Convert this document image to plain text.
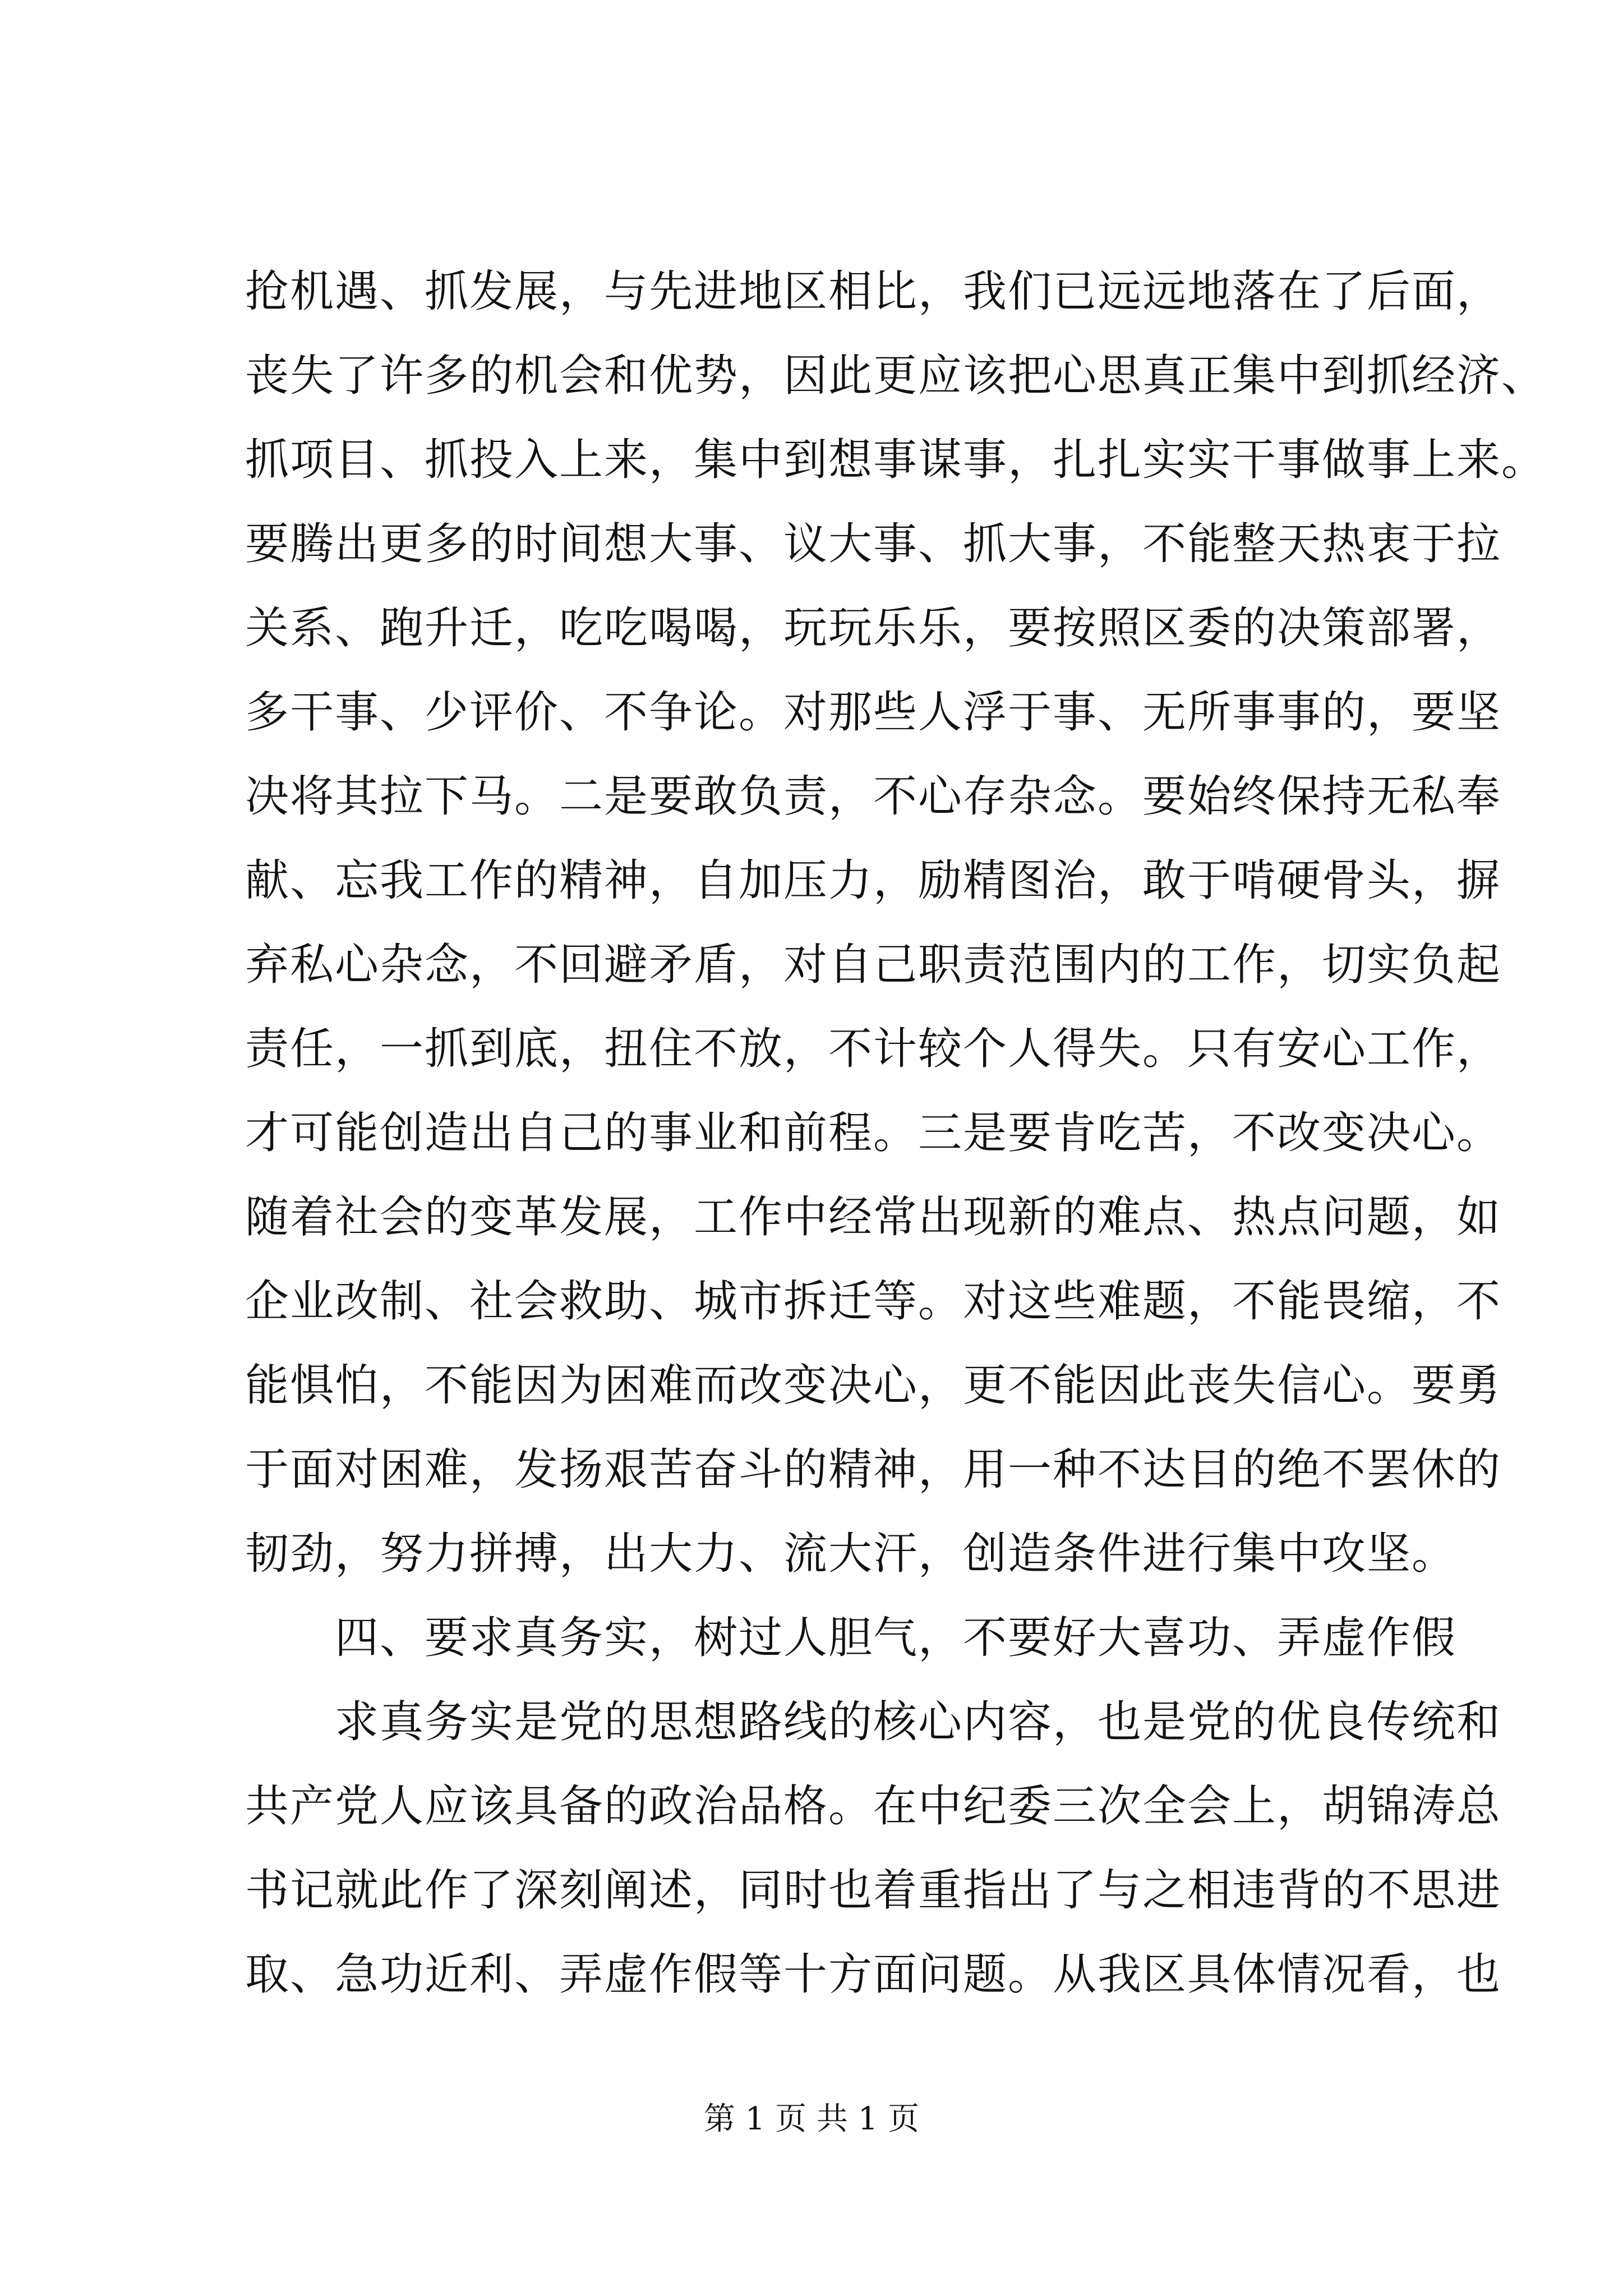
抢机遇、抓发展，与先进地区相比，我们已远远地落在了后面，
丧失了许多的机会和优势，因此更应该把心思真正集中到抓经济、
抓项目、抓投入上来，集中到想事谋事，扎扎实实干事做事上来。
要腾出更多的时间想大事、议大事、抓大事，不能整天热衷于拉
关系、跑升迁，吃吃喝喝，玩玩乐乐，要按照区委的决策部署，
多干事、少评价、不争论。对那些人浮于事、无所事事的，要坚
决将其拉下马。二是要敢负责，不心存杂念。要始终保持无私奉
献、忘我工作的精神，自加压力，励精图治，敢于啃硬骨头，摒
弃私心杂念，不回避矛盾，对自己职责范围内的工作，切实负起
责任，一抓到底，扭住不放，不计较个人得失。只有安心工作，
才可能创造出自己的事业和前程。三是要肯吃苦，不改变决心。
随着社会的变革发展，工作中经常出现新的难点、热点问题，如
企业改制、社会救助、城市拆迁等。对这些难题，不能畏缩，不
能惧怕，不能因为困难而改变决心，更不能因此丧失信心。要勇
于面对困难，发扬艰苦奋斗的精神，用一种不达目的绝不罢休的
韧劲，努力拼搏，出大力、流大汗，创造条件进行集中攻坚。
四、要求真务实，树过人胆气，不要好大喜功、弄虚作假
求真务实是党的思想路线的核心内容，也是党的优良传统和
共产党人应该具备的政治品格。在中纪委三次全会上，胡锦涛总
书记就此作了深刻阐述，同时也着重指出了与之相违背的不思进
取、急功近利、弄虚作假等十方面问题。从我区具体情况看，也
第 1 页 共 1 页
